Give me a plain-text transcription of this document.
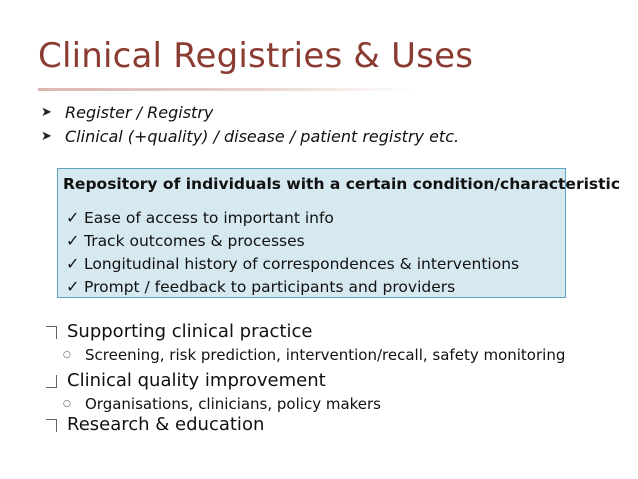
Clinical Registries & Uses
➤ Register / Registry
➤ Clinical (+quality) / disease / patient registry etc.
Repository of individuals with a certain condition/characteristic
✓ Ease of access to important info
✓ Track outcomes & processes
✓ Longitudinal history of correspondences & interventions
✓ Prompt / feedback to participants and providers
Supporting clinical practice
○ Screening, risk prediction, intervention/recall, safety monitoring
Clinical quality improvement
○ Organisations, clinicians, policy makers
Research & education
